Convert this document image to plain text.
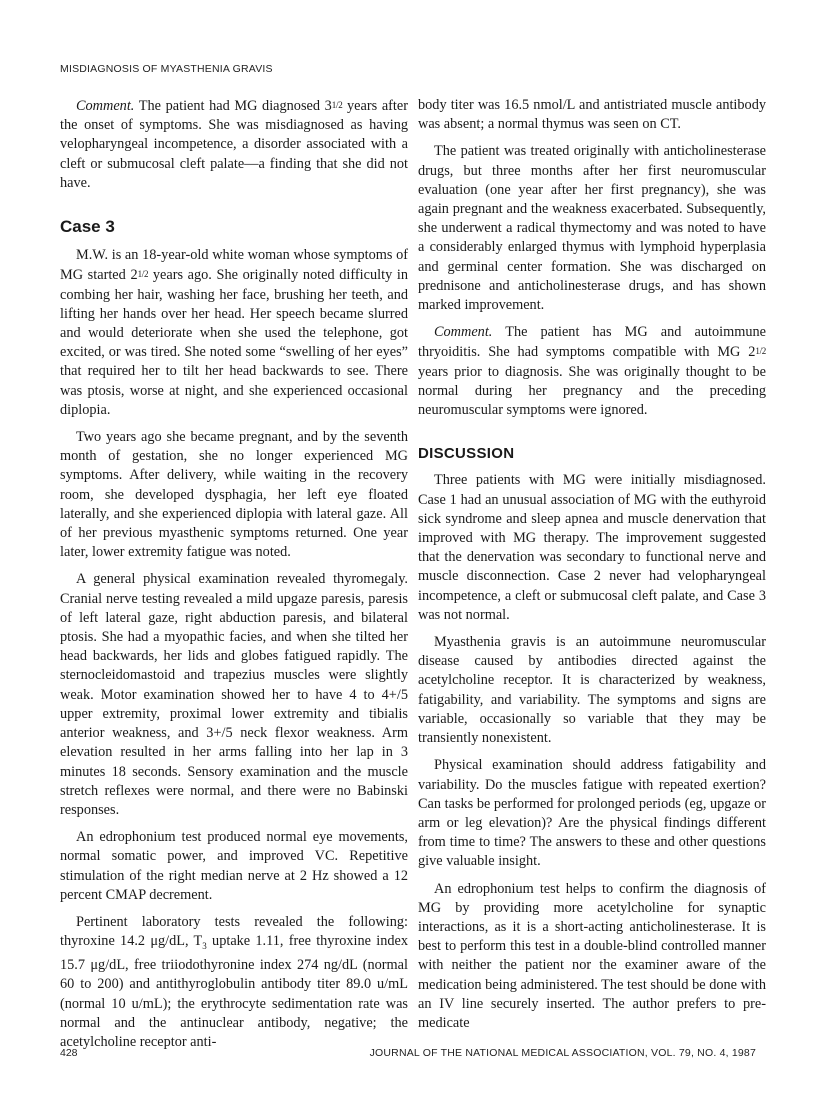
MISDIAGNOSIS OF MYASTHENIA GRAVIS

Comment. The patient had MG diagnosed 31/2 years after the onset of symptoms. She was misdiagnosed as having velopharyngeal incompetence, a disorder associated with a cleft or submucosal cleft palate—a finding that she did not have.

Case 3

M.W. is an 18-year-old white woman whose symptoms of MG started 21/2 years ago. She originally noted difficulty in combing her hair, washing her face, brushing her teeth, and lifting her hands over her head. Her speech became slurred and would deteriorate when she used the telephone, got excited, or was tired. She noted some “swelling of her eyes” that required her to tilt her head backwards to see. There was ptosis, worse at night, and she experienced occasional diplopia.

Two years ago she became pregnant, and by the seventh month of gestation, she no longer experienced MG symptoms. After delivery, while waiting in the recovery room, she developed dysphagia, her left eye floated laterally, and she experienced diplopia with lateral gaze. All of her previous myasthenic symptoms returned. One year later, lower extremity fatigue was noted.

A general physical examination revealed thyromegaly. Cranial nerve testing revealed a mild upgaze paresis, paresis of left lateral gaze, right abduction paresis, and bilateral ptosis. She had a myopathic facies, and when she tilted her head backwards, her lids and globes fatigued rapidly. The sternocleidomastoid and trapezius muscles were slightly weak. Motor examination showed her to have 4 to 4+/5 upper extremity, proximal lower extremity and tibialis anterior weakness, and 3+/5 neck flexor weakness. Arm elevation resulted in her arms falling into her lap in 3 minutes 18 seconds. Sensory examination and the muscle stretch reflexes were normal, and there were no Babinski responses.

An edrophonium test produced normal eye movements, normal somatic power, and improved VC. Repetitive stimulation of the right median nerve at 2 Hz showed a 12 percent CMAP decrement.

Pertinent laboratory tests revealed the following: thyroxine 14.2 μg/dL, $T_3$ uptake 1.11, free thyroxine index 15.7 μg/dL, free triiodothyronine index 274 ng/dL (normal 60 to 200) and antithyroglobulin antibody titer 89.0 u/mL (normal 10 u/mL); the erythrocyte sedimentation rate was normal and the antinuclear antibody, negative; the acetylcholine receptor anti-

body titer was 16.5 nmol/L and antistriated muscle antibody was absent; a normal thymus was seen on CT.

The patient was treated originally with anticholinesterase drugs, but three months after her first neuromuscular evaluation (one year after her first pregnancy), she was again pregnant and the weakness exacerbated. Subsequently, she underwent a radical thymectomy and was noted to have a considerably enlarged thymus with lymphoid hyperplasia and germinal center formation. She was discharged on prednisone and anticholinesterase drugs, and has shown marked improvement.

Comment. The patient has MG and autoimmune thryoiditis. She had symptoms compatible with MG 21/2 years prior to diagnosis. She was originally thought to be normal during her pregnancy and the preceding neuromuscular symptoms were ignored.

DISCUSSION

Three patients with MG were initially misdiagnosed. Case 1 had an unusual association of MG with the euthyroid sick syndrome and sleep apnea and muscle denervation that improved with MG therapy. The improvement suggested that the denervation was secondary to functional nerve and muscle disconnection. Case 2 never had velopharyngeal incompetence, a cleft or submucosal cleft palate, and Case 3 was not normal.

Myasthenia gravis is an autoimmune neuromuscular disease caused by antibodies directed against the acetylcholine receptor. It is characterized by weakness, fatigability, and variability. The symptoms and signs are variable, occasionally so variable that they may be transiently nonexistent.

Physical examination should address fatigability and variability. Do the muscles fatigue with repeated exertion? Can tasks be performed for prolonged periods (eg, upgaze or arm or leg elevation)? Are the physical findings different from time to time? The answers to these and other questions give valuable insight.

An edrophonium test helps to confirm the diagnosis of MG by providing more acetylcholine for synaptic interactions, as it is a short-acting anticholinesterase. It is best to perform this test in a double-blind controlled manner with neither the patient nor the examiner aware of the medication being administered. The test should be done with an IV line securely inserted. The author prefers to pre-medicate

428	JOURNAL OF THE NATIONAL MEDICAL ASSOCIATION, VOL. 79, NO. 4, 1987
